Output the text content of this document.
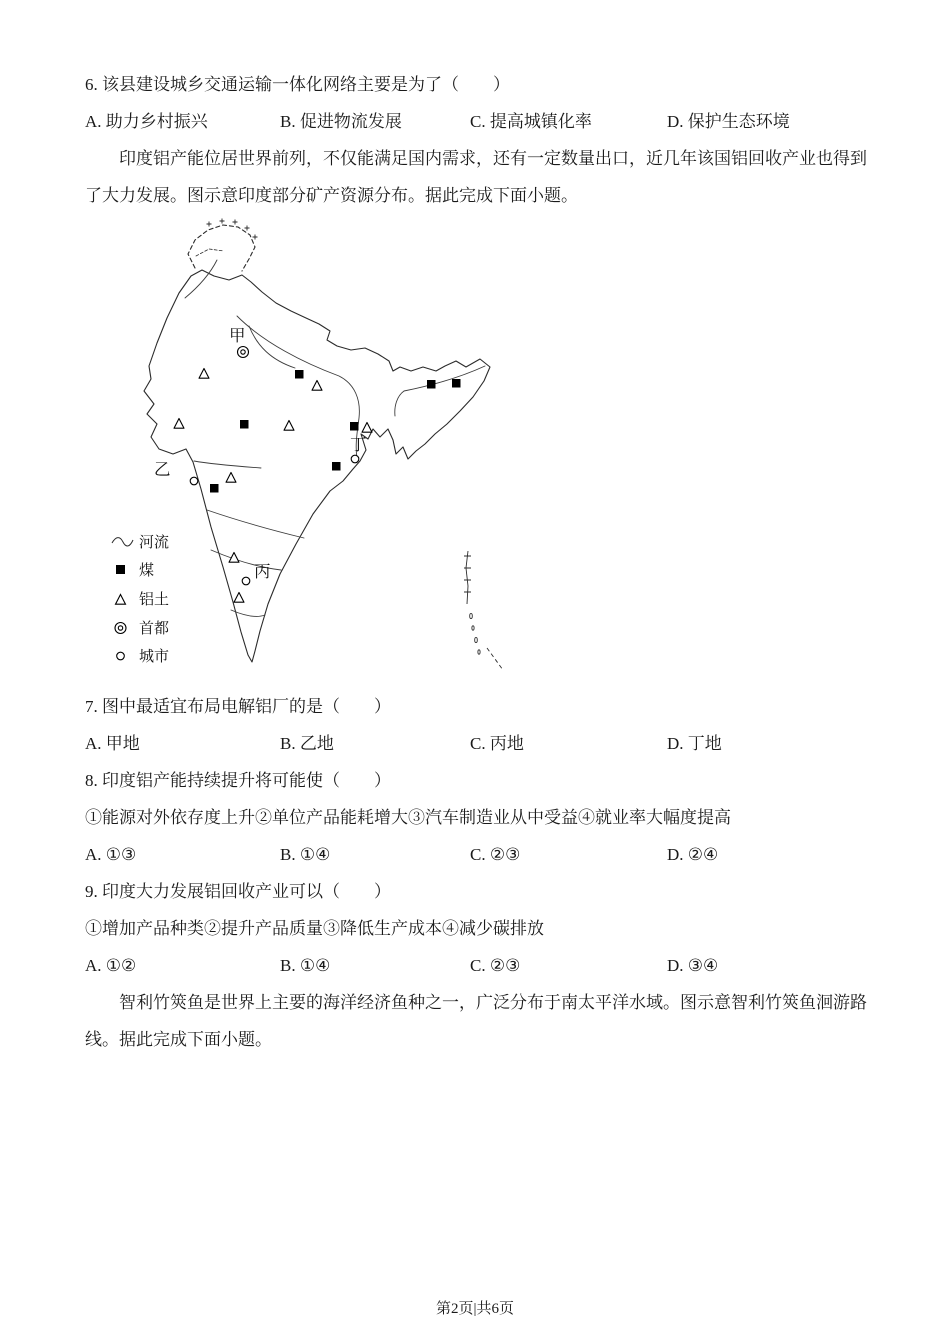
6. 该县建设城乡交通运输一体化网络主要是为了（　　）
A. 助力乡村振兴	B. 促进物流发展	C. 提高城镇化率	D. 保护生态环境
印度铝产能位居世界前列，不仅能满足国内需求，还有一定数量出口，近几年该国铝回收产业也得到
了大力发展。图示意印度部分矿产资源分布。据此完成下面小题。
甲
乙
丁
丙
河流
煤
铝土
首都
城市
7. 图中最适宜布局电解铝厂的是（　　）
A. 甲地	B. 乙地	C. 丙地	D. 丁地
8. 印度铝产能持续提升将可能使（　　）
①能源对外依存度上升②单位产品能耗增大③汽车制造业从中受益④就业率大幅度提高
A. ①③	B. ①④	C. ②③	D. ②④
9. 印度大力发展铝回收产业可以（　　）
①增加产品种类②提升产品质量③降低生产成本④减少碳排放
A. ①②	B. ①④	C. ②③	D. ③④
智利竹筴鱼是世界上主要的海洋经济鱼种之一，广泛分布于南太平洋水域。图示意智利竹筴鱼洄游路
线。据此完成下面小题。
第2页|共6页
